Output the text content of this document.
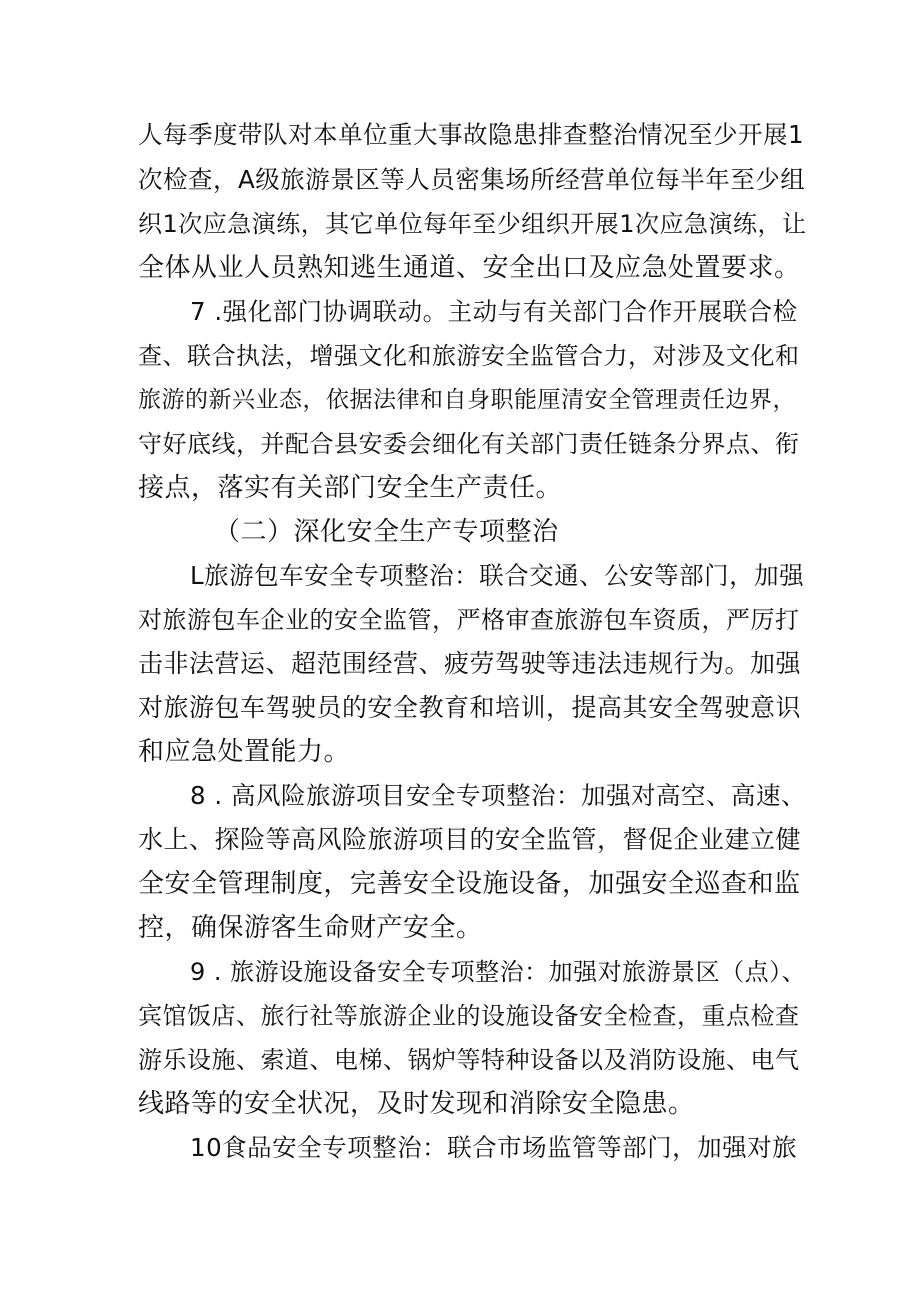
人每季度带队对本单位重大事故隐患排查整治情况至少开展1
次检查，A级旅游景区等人员密集场所经营单位每半年至少组
织1次应急演练，其它单位每年至少组织开展1次应急演练，让
全体从业人员熟知逃生通道、安全出口及应急处置要求。
7 .强化部门协调联动。主动与有关部门合作开展联合检
查、联合执法，增强文化和旅游安全监管合力，对涉及文化和
旅游的新兴业态，依据法律和自身职能厘清安全管理责任边界，
守好底线，并配合县安委会细化有关部门责任链条分界点、衔
接点，落实有关部门安全生产责任。
（二）深化安全生产专项整治
L旅游包车安全专项整治：联合交通、公安等部门，加强
对旅游包车企业的安全监管，严格审查旅游包车资质，严厉打
击非法营运、超范围经营、疲劳驾驶等违法违规行为。加强
对旅游包车驾驶员的安全教育和培训，提高其安全驾驶意识
和应急处置能力。
8 . 高风险旅游项目安全专项整治：加强对高空、高速、
水上、探险等高风险旅游项目的安全监管，督促企业建立健
全安全管理制度，完善安全设施设备，加强安全巡查和监
控，确保游客生命财产安全。
9 . 旅游设施设备安全专项整治：加强对旅游景区（点）、
宾馆饭店、旅行社等旅游企业的设施设备安全检查，重点检查
游乐设施、索道、电梯、锅炉等特种设备以及消防设施、电气
线路等的安全状况，及时发现和消除安全隐患。
10食品安全专项整治：联合市场监管等部门，加强对旅
